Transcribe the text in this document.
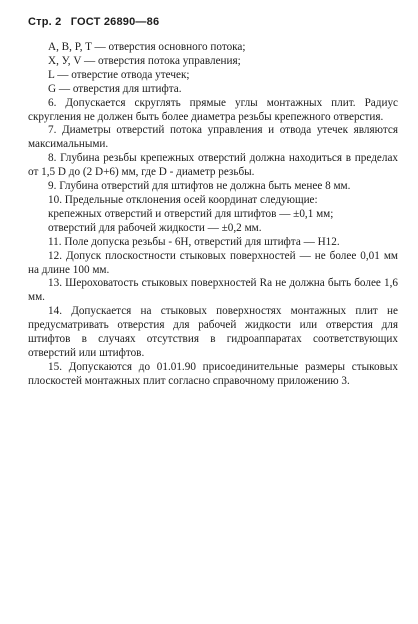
Стр. 2 ГОСТ 26890—86

A, B, P, T — отверстия основного потока;

X, У, V — отверстия потока управления;

L — отверстие отвода утечек;

G — отверстия для штифта.

6. Допускается скруглять прямые углы монтажных плит. Радиус скругления не должен быть более диаметра резьбы крепежного отверстия.

7. Диаметры отверстий потока управления и отвода утечек являются максимальными.

8. Глубина резьбы крепежных отверстий должна находиться в пределах от 1,5 D до (2 D+6) мм, где D - диаметр резьбы.

9. Глубина отверстий для штифтов не должна быть менее 8 мм.

10. Предельные отклонения осей координат следующие:

крепежных отверстий и отверстий для штифтов — ±0,1 мм;

отверстий для рабочей жидкости — ±0,2 мм.

11. Поле допуска резьбы - 6Н, отверстий для штифта — Н12.

12. Допуск плоскостности стыковых поверхностей — не более 0,01 мм на длине 100 мм.

13. Шероховатость стыковых поверхностей Ra не должна быть более 1,6 мм.

14. Допускается на стыковых поверхностях монтажных плит не предусматривать отверстия для рабочей жидкости или отверстия для штифтов в случаях отсутствия в гидроаппаратах соответствующих отверстий или штифтов.

15. Допускаются до 01.01.90 присоединительные размеры стыковых плоскостей монтажных плит согласно справочному приложению 3.
